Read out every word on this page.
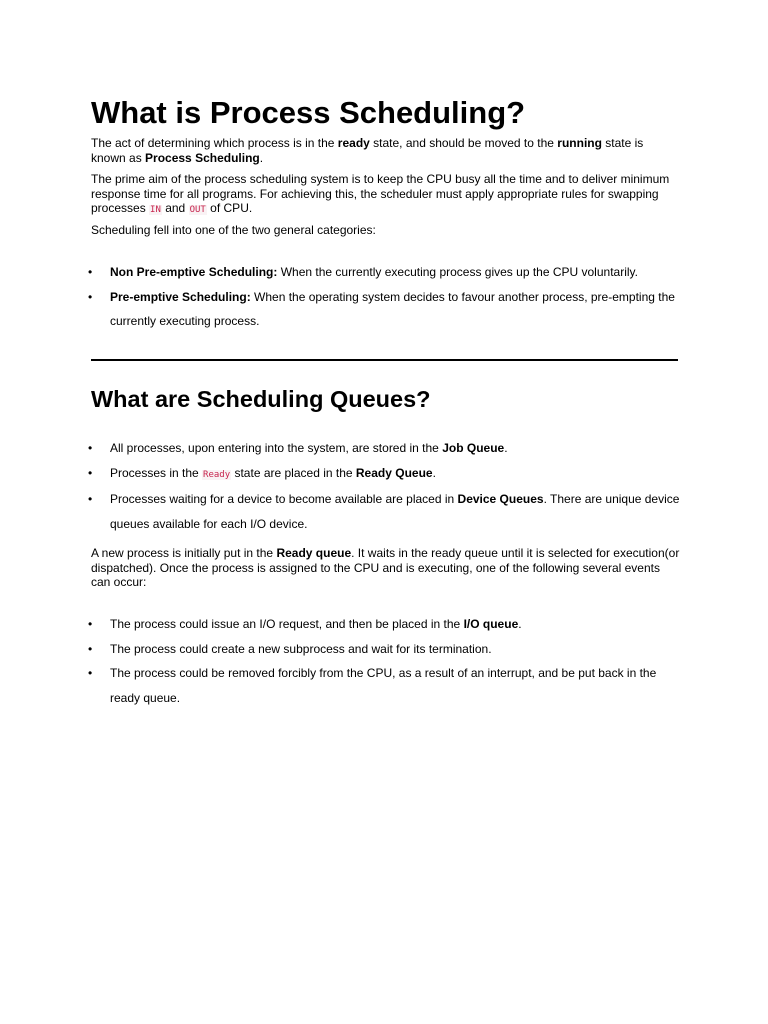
What is Process Scheduling?

The act of determining which process is in the ready state, and should be moved to the running state is known as Process Scheduling.

The prime aim of the process scheduling system is to keep the CPU busy all the time and to deliver minimum response time for all programs. For achieving this, the scheduler must apply appropriate rules for swapping processes IN and OUT of CPU.

Scheduling fell into one of the two general categories:

• Non Pre-emptive Scheduling: When the currently executing process gives up the CPU voluntarily.
• Pre-emptive Scheduling: When the operating system decides to favour another process, pre-empting the currently executing process.
What are Scheduling Queues?
• All processes, upon entering into the system, are stored in the Job Queue.
• Processes in the Ready state are placed in the Ready Queue.
• Processes waiting for a device to become available are placed in Device Queues. There are unique device queues available for each I/O device.

A new process is initially put in the Ready queue. It waits in the ready queue until it is selected for execution(or dispatched). Once the process is assigned to the CPU and is executing, one of the following several events can occur:

• The process could issue an I/O request, and then be placed in the I/O queue.
• The process could create a new subprocess and wait for its termination.
• The process could be removed forcibly from the CPU, as a result of an interrupt, and be put back in the ready queue.
